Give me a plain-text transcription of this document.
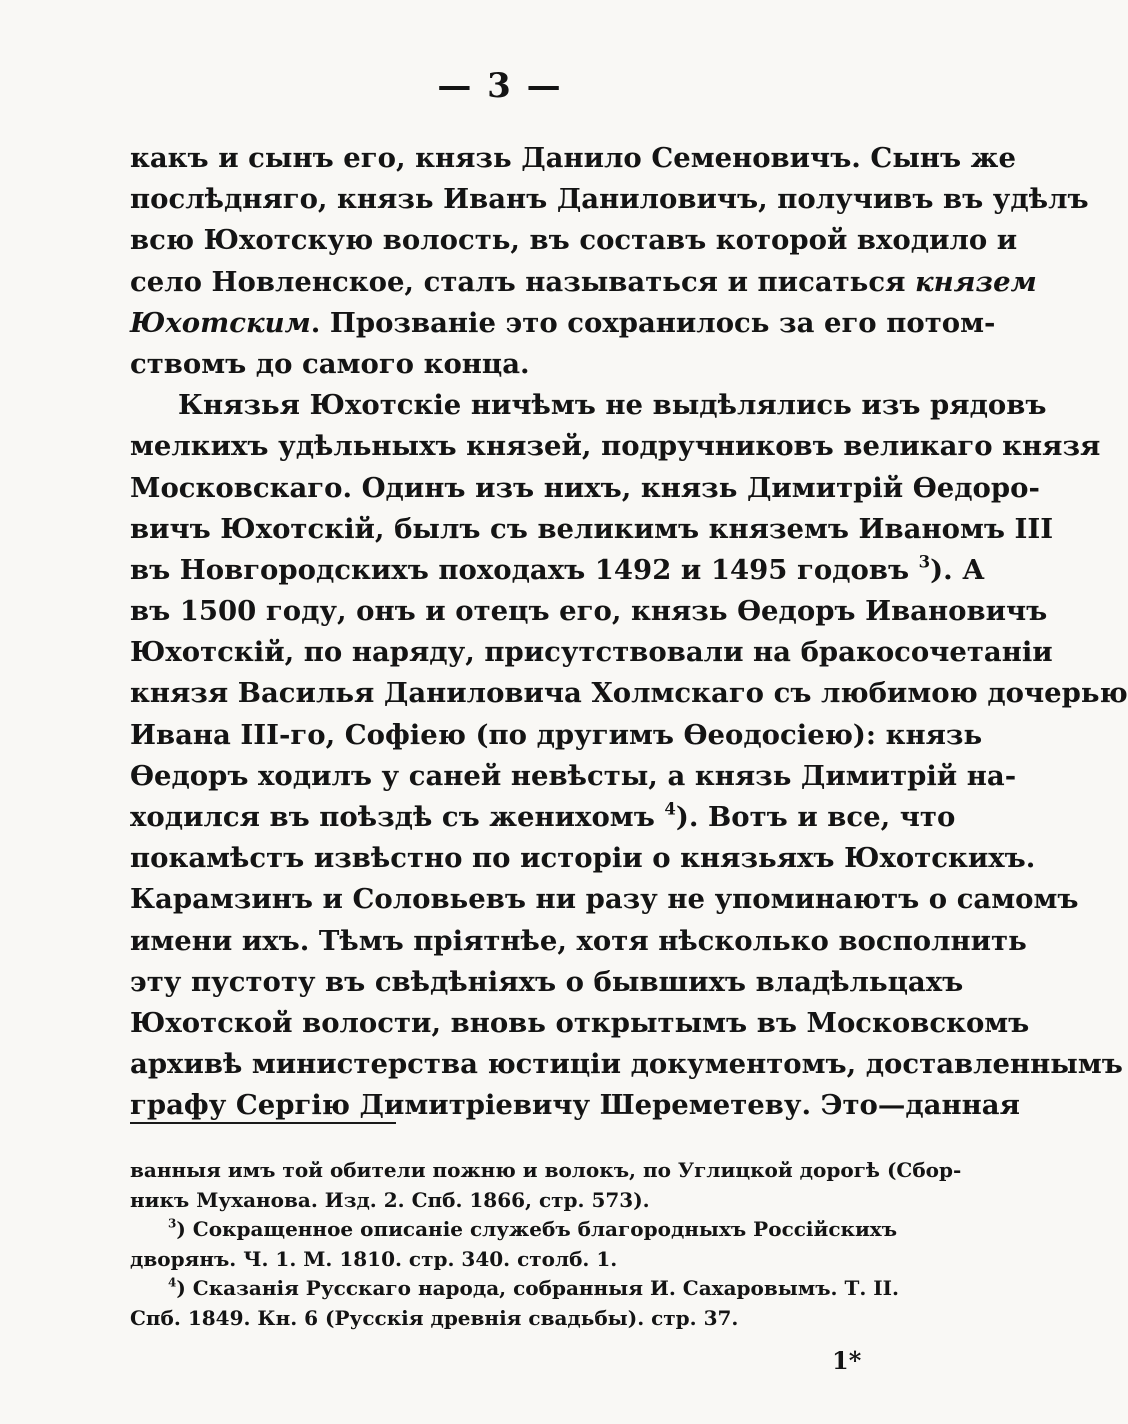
— 3 —
какъ и сынъ его, князь Данило Семеновичъ. Сынъ же
послѣдняго, князь Иванъ Даниловичъ, получивъ въ удѣлъ
всю Юхотскую волость, въ составъ которой входило и
село Новленское, сталъ называться и писаться князем
Юхотским. Прозванiе это сохранилось за его потом-
ствомъ до самого конца.
Князья Юхотскiе ничѣмъ не выдѣлялись изъ рядовъ
мелкихъ удѣльныхъ князей, подручниковъ великаго князя
Московскаго. Одинъ изъ нихъ, князь Димитрiй Ѳедоро-
вичъ Юхотскiй, былъ съ великимъ княземъ Иваномъ III
въ Новгородскихъ походахъ 1492 и 1495 годовъ $^3$). А
въ 1500 году, онъ и отецъ его, князь Ѳедоръ Ивановичъ
Юхотскiй, по наряду, присутствовали на бракосочетанiи
князя Василья Даниловича Холмскаго съ любимою дочерью
Ивана III-го, Софiею (по другимъ Ѳеодосiею): князь
Ѳедоръ ходилъ у саней невѣсты, а князь Димитрiй на-
ходился въ поѣздѣ съ женихомъ $^4$). Вотъ и все, что
покамѣстъ извѣстно по исторiи о князьяхъ Юхотскихъ.
Карамзинъ и Соловьевъ ни разу не упоминаютъ о самомъ
имени ихъ. Тѣмъ прiятнѣе, хотя нѣсколько восполнить
эту пустоту въ свѣдѣнiяхъ о бывшихъ владѣльцахъ
Юхотской волости, вновь открытымъ въ Московскомъ
архивѣ министерства юстицiи документомъ, доставленнымъ
графу Сергiю Димитрiевичу Шереметеву. Это—данная
ванныя имъ той обители пожню и волокъ, по Углицкой дорогѣ (Сбор-
никъ Муханова. Изд. 2. Спб. 1866, стр. 573).
$^3$) Сокращенное описанiе служебъ благородныхъ Россiйскихъ
дворянъ. Ч. 1. М. 1810. стр. 340. столб. 1.
$^4$) Сказанiя Русскаго народа, собранныя И. Сахаровымъ. Т. II.
Спб. 1849. Кн. 6 (Русскiя древнiя свадьбы). стр. 37.
1*
